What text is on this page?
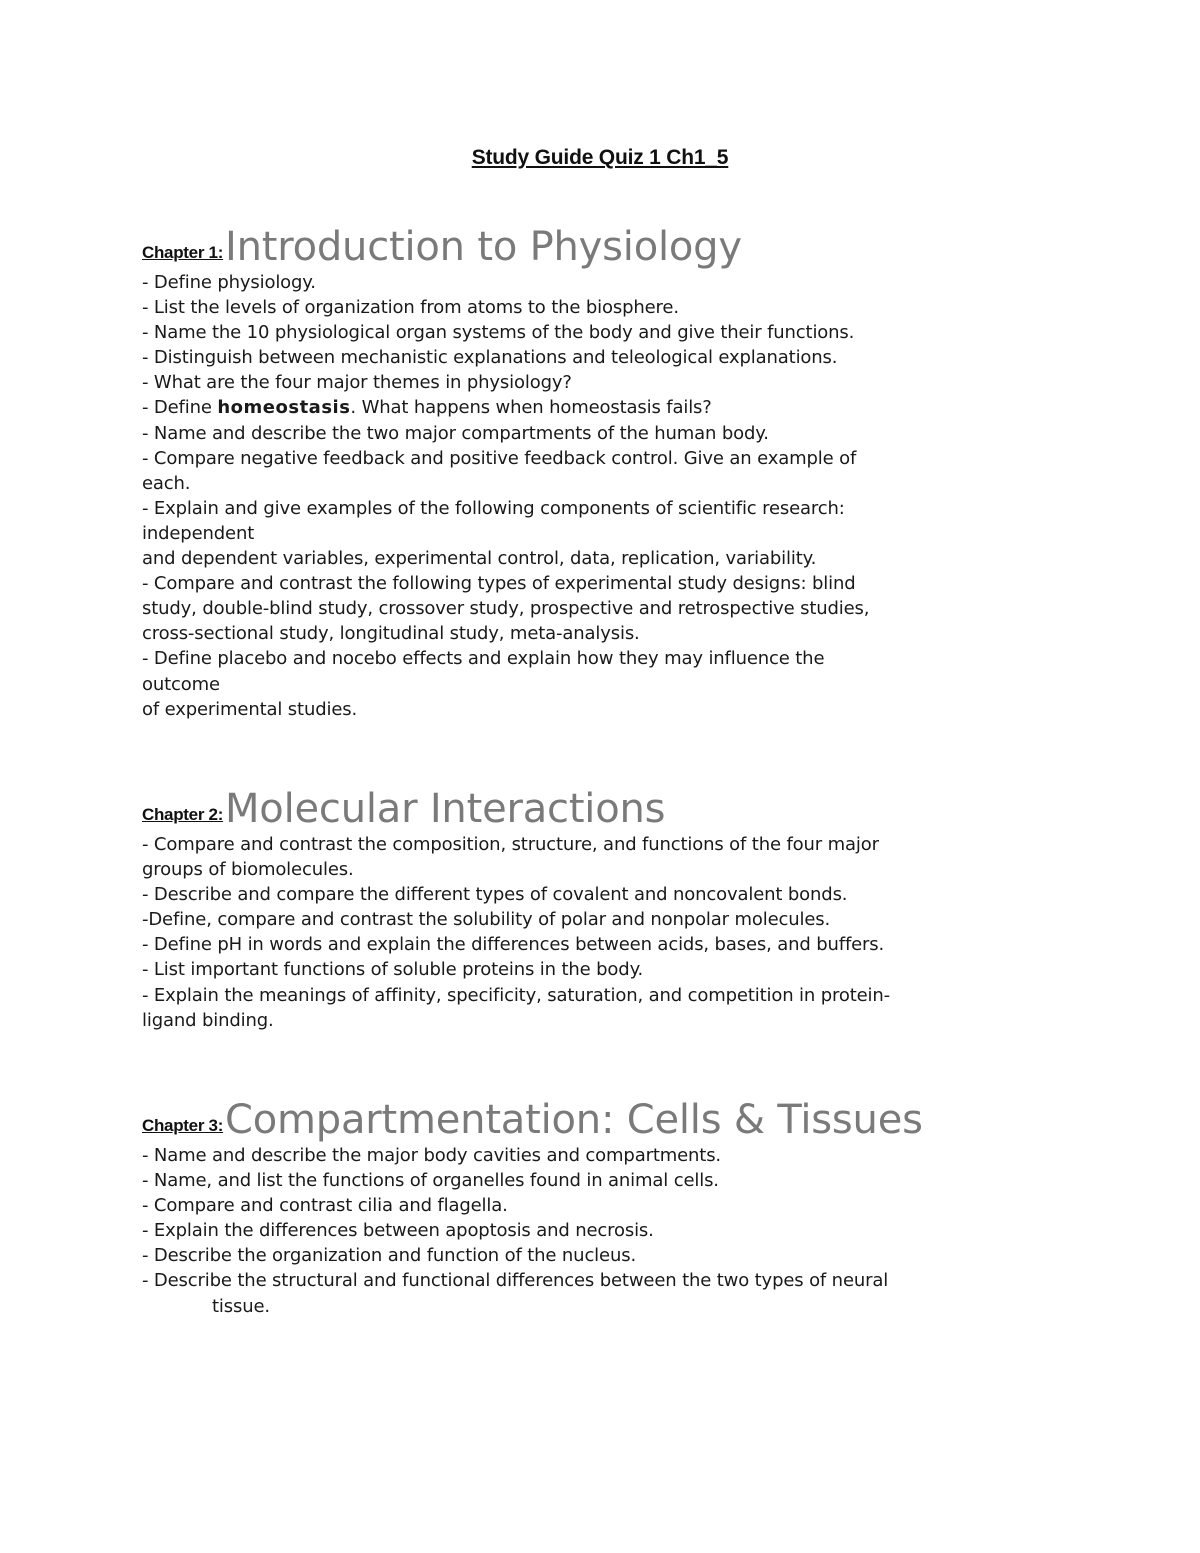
Study Guide Quiz 1 Ch1_5
Chapter 1: Introduction to Physiology
- Define physiology.
- List the levels of organization from atoms to the biosphere.
- Name the 10 physiological organ systems of the body and give their functions.
- Distinguish between mechanistic explanations and teleological explanations.
- What are the four major themes in physiology?
- Define homeostasis. What happens when homeostasis fails?
- Name and describe the two major compartments of the human body.
- Compare negative feedback and positive feedback control. Give an example of
each.
- Explain and give examples of the following components of scientific research:
independent
and dependent variables, experimental control, data, replication, variability.
- Compare and contrast the following types of experimental study designs: blind
study, double-blind study, crossover study, prospective and retrospective studies,
cross-sectional study, longitudinal study, meta-analysis.
- Define placebo and nocebo effects and explain how they may influence the
outcome
of experimental studies.
Chapter 2: Molecular Interactions
- Compare and contrast the composition, structure, and functions of the four major
groups of biomolecules.
- Describe and compare the different types of covalent and noncovalent bonds.
-Define, compare and contrast the solubility of polar and nonpolar molecules.
- Define pH in words and explain the differences between acids, bases, and buffers.
- List important functions of soluble proteins in the body.
- Explain the meanings of affinity, specificity, saturation, and competition in protein-
ligand binding.
Chapter 3: Compartmentation: Cells & Tissues
- Name and describe the major body cavities and compartments.
- Name, and list the functions of organelles found in animal cells.
- Compare and contrast cilia and flagella.
- Explain the differences between apoptosis and necrosis.
- Describe the organization and function of the nucleus.
- Describe the structural and functional differences between the two types of neural
tissue.
